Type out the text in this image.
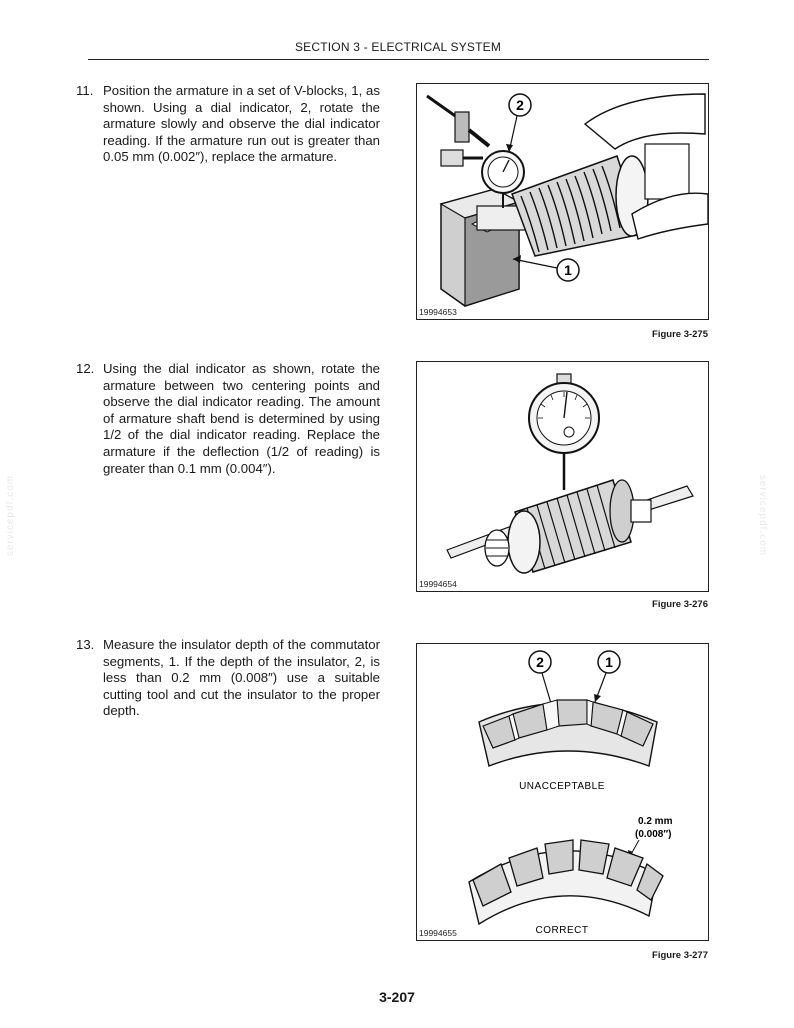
SECTION 3 - ELECTRICAL SYSTEM
servicepdf.com	servicepdf.com
11. Position the armature in a set of V-blocks, 1, as shown. Using a dial indicator, 2, rotate the armature slowly and observe the dial indicator reading. If the armature run out is greater than 0.05 mm (0.002″), replace the armature.
2
1
19994653
Figure 3-275
12. Using the dial indicator as shown, rotate the armature between two centering points and observe the dial indicator reading. The amount of armature shaft bend is determined by using 1/2 of the dial indicator reading. Replace the armature if the deflection (1/2 of reading) is greater than 0.1 mm (0.004″).
19994654
Figure 3-276
13. Measure the insulator depth of the commutator segments, 1. If the depth of the insulator, 2, is less than 0.2 mm (0.008″) use a suitable cutting tool and cut the insulator to the proper depth.
2	1
UNACCEPTABLE
0.2 mm
(0.008″)
CORRECT
19994655
Figure 3-277
3-207
